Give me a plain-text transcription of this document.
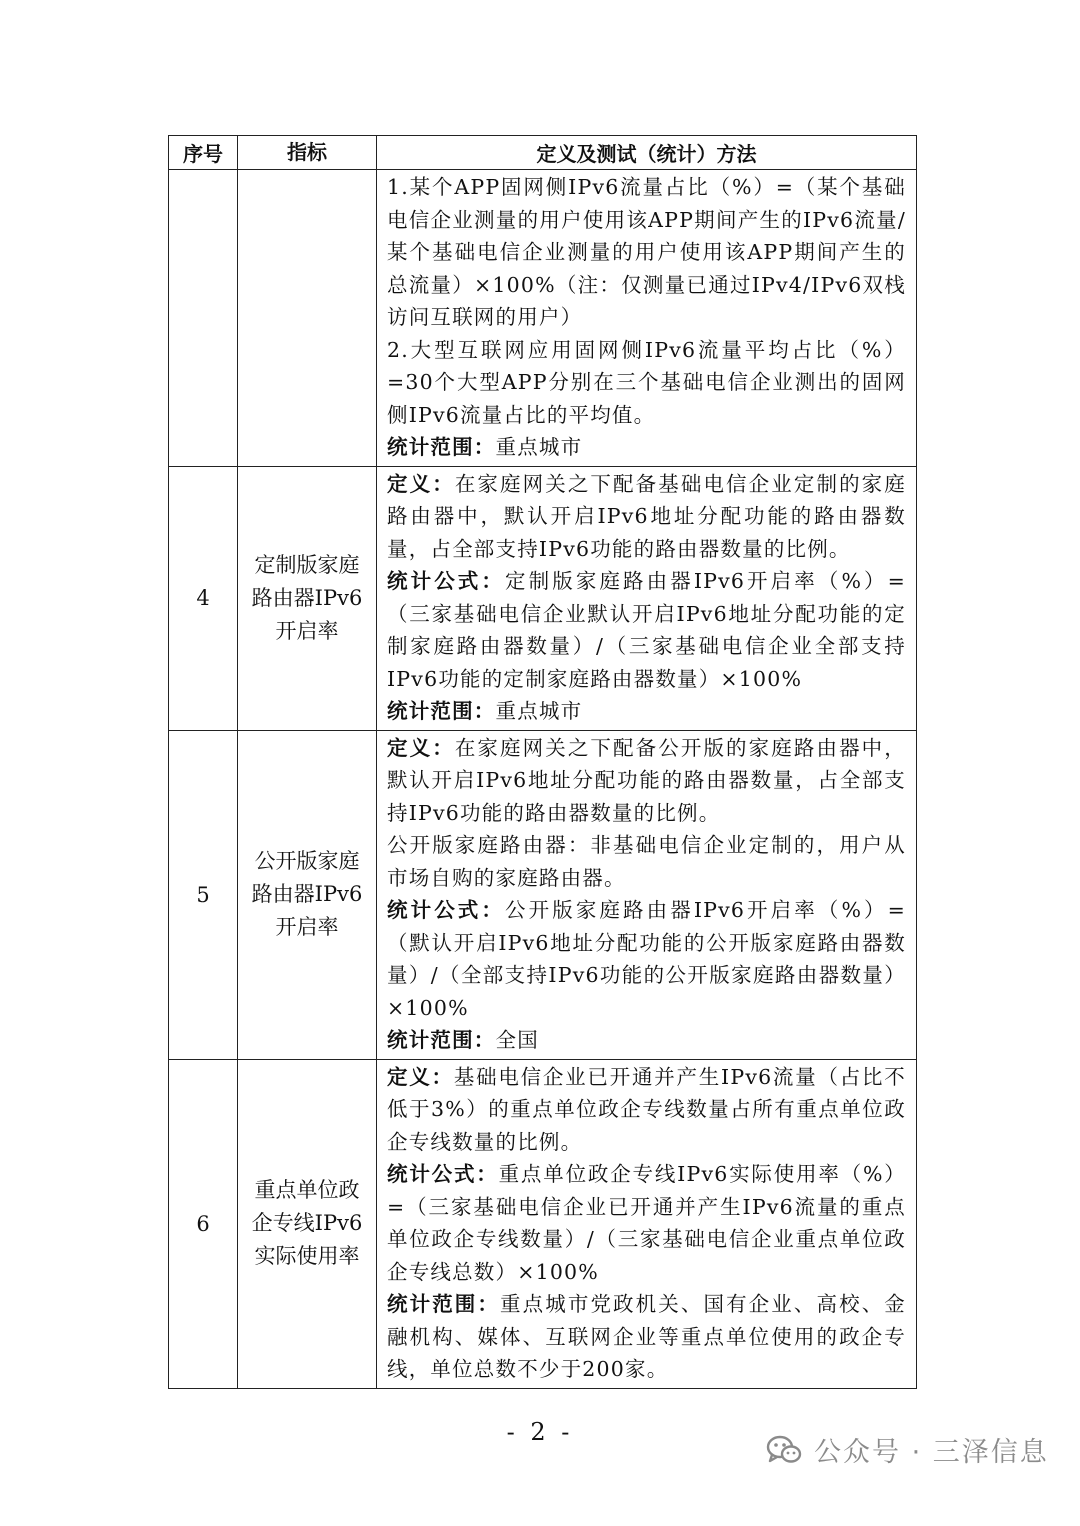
序号	指标	定义及测试（统计）方法

		1.某个APP固网侧IPv6流量占比（%）=（某个基础电信企业测量的用户使用该APP期间产生的IPv6流量/某个基础电信企业测量的用户使用该APP期间产生的总流量）×100%（注：仅测量已通过IPv4/IPv6双栈访问互联网的用户）

2.大型互联网应用固网侧IPv6流量平均占比（%）=30个大型APP分别在三个基础电信企业测出的固网侧IPv6流量占比的平均值。

统计范围：重点城市

4	定制版家庭路由器IPv6开启率	定义：在家庭网关之下配备基础电信企业定制的家庭路由器中，默认开启IPv6地址分配功能的路由器数量，占全部支持IPv6功能的路由器数量的比例。

统计公式：定制版家庭路由器IPv6开启率（%）=（三家基础电信企业默认开启IPv6地址分配功能的定制家庭路由器数量）/（三家基础电信企业全部支持IPv6功能的定制家庭路由器数量）×100%

统计范围：重点城市

5	公开版家庭路由器IPv6开启率	定义：在家庭网关之下配备公开版的家庭路由器中，默认开启IPv6地址分配功能的路由器数量，占全部支持IPv6功能的路由器数量的比例。

公开版家庭路由器：非基础电信企业定制的，用户从市场自购的家庭路由器。

统计公式：公开版家庭路由器IPv6开启率（%）=（默认开启IPv6地址分配功能的公开版家庭路由器数量）/（全部支持IPv6功能的公开版家庭路由器数量）×100%

统计范围：全国

6	重点单位政企专线IPv6实际使用率	定义：基础电信企业已开通并产生IPv6流量（占比不低于3%）的重点单位政企专线数量占所有重点单位政企专线数量的比例。

统计公式：重点单位政企专线IPv6实际使用率（%）=（三家基础电信企业已开通并产生IPv6流量的重点单位政企专线数量）/（三家基础电信企业重点单位政企专线总数）×100%

统计范围：重点城市党政机关、国有企业、高校、金融机构、媒体、互联网企业等重点单位使用的政企专线，单位总数不少于200家。

- 2 -
公众号 · 三泽信息
